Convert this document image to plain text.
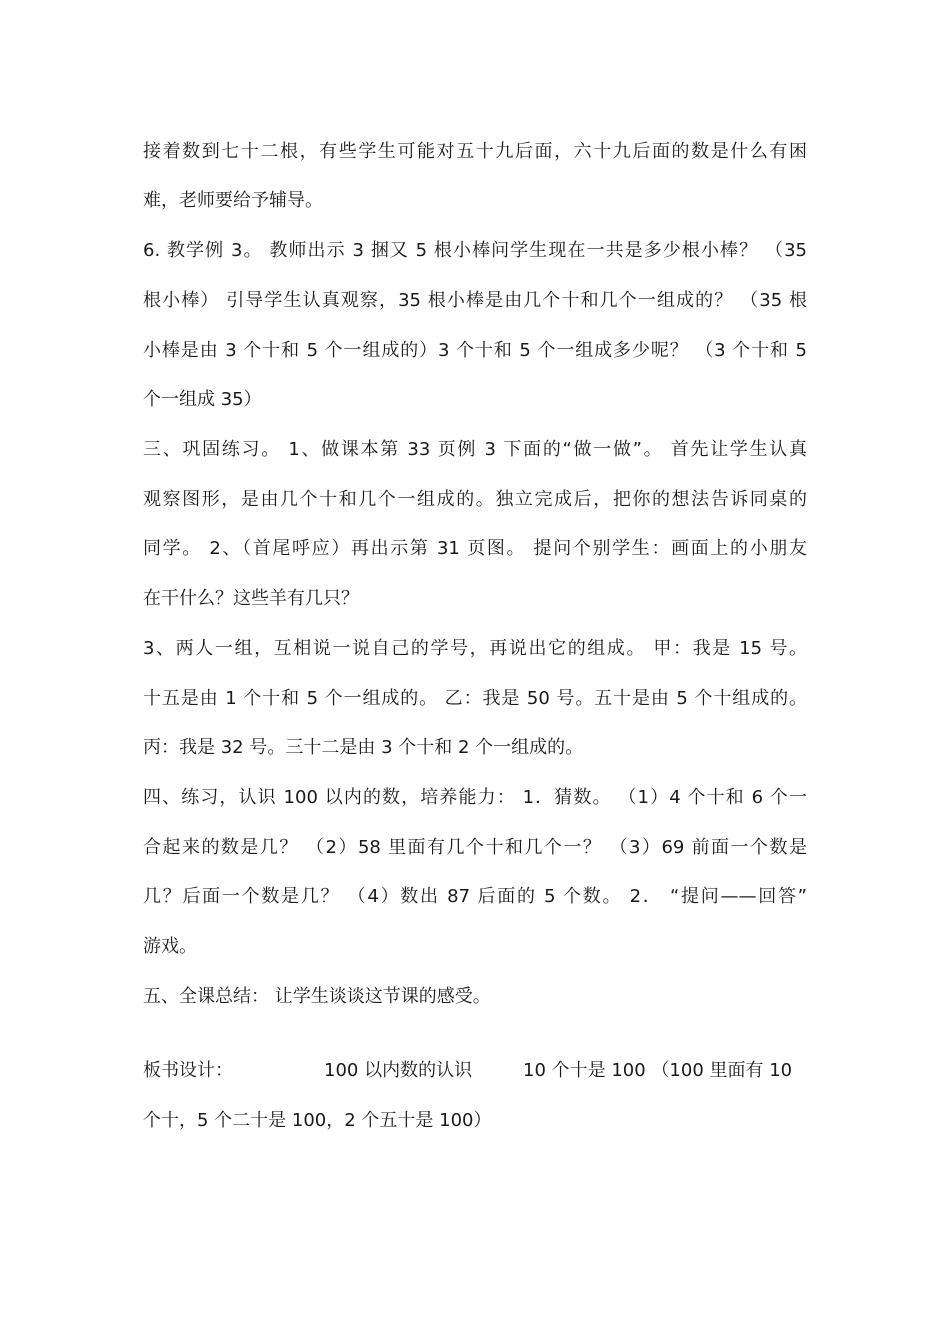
接着数到七十二根，有些学生可能对五十九后面，六十九后面的数是什么有困
难，老师要给予辅导。
6. 教学例 3。 教师出示 3 捆又 5 根小棒问学生现在一共是多少根小棒？ （35
根小棒） 引导学生认真观察，35 根小棒是由几个十和几个一组成的？ （35 根
小棒是由 3 个十和 5 个一组成的）3 个十和 5 个一组成多少呢？ （3 个十和 5
个一组成 35）
三、巩固练习。 1、做课本第 33 页例 3 下面的“做一做”。 首先让学生认真
观察图形，是由几个十和几个一组成的。独立完成后，把你的想法告诉同桌的
同学。 2、（首尾呼应）再出示第 31 页图。 提问个别学生：画面上的小朋友
在干什么？这些羊有几只？
3、两人一组，互相说一说自己的学号，再说出它的组成。 甲：我是 15 号。
十五是由 1 个十和 5 个一组成的。 乙：我是 50 号。五十是由 5 个十组成的。
丙：我是 32 号。三十二是由 3 个十和 2 个一组成的。
四、练习，认识 100 以内的数，培养能力： 1．猜数。 （1）4 个十和 6 个一
合起来的数是几？ （2）58 里面有几个十和几个一？ （3）69 前面一个数是
几？后面一个数是几？ （4）数出 87 后面的 5 个数。 2． “提问——回答”
游戏。
五、全课总结： 让学生谈谈这节课的感受。
板书设计：	100 以内数的认识	10 个十是 100 （100 里面有 10
个十，5 个二十是 100，2 个五十是 100）
